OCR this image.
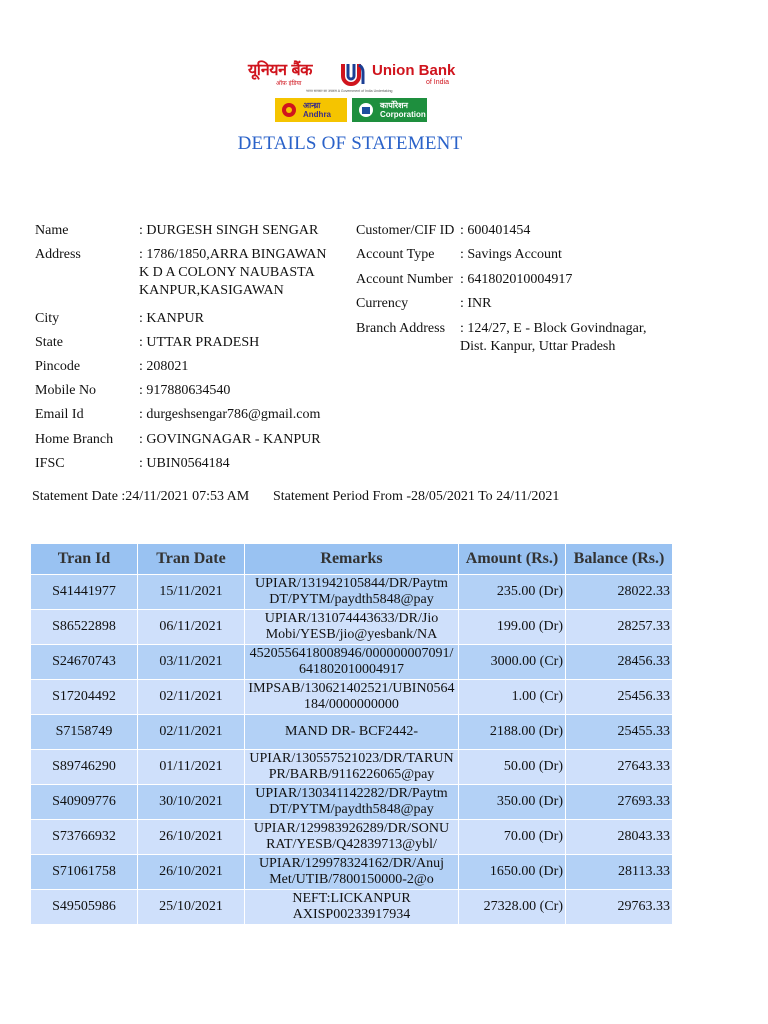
यूनियन बैंक
ऑफ़ इंडिया
Union Bank
of India
भारत सरकार का उपक्रम A Government of India Undertaking
आन्ध्रा Andhra
कार्पोरेशन Corporation
DETAILS OF STATEMENT
Name	: DURGESH SINGH SENGAR
Address	: 1786/1850,ARRA BINGAWAN
K D A COLONY NAUBASTA
KANPUR,KASIGAWAN
City	: KANPUR
State	: UTTAR PRADESH
Pincode	: 208021
Mobile No	: 917880634540
Email Id	: durgeshsengar786@gmail.com
Home Branch : GOVINGNAGAR - KANPUR
IFSC	: UBIN0564184
Customer/CIF ID : 600401454
Account Type : Savings Account
Account Number : 641802010004917
Currency	: INR
Branch Address : 124/27, E - Block Govindnagar,
Dist. Kanpur, Uttar Pradesh
Statement Date :24/11/2021 07:53 AM Statement Period From -28/05/2021 To 24/11/2021
Tran Id	Tran Date	Remarks	Amount (Rs.)	Balance (Rs.)
S41441977	15/11/2021	UPIAR/131942105844/DR/Paytm
DT/PYTM/paydth5848@pay	235.00 (Dr)	28022.33
S86522898	06/11/2021	UPIAR/131074443633/DR/Jio
Mobi/YESB/jio@yesbank/NA	199.00 (Dr)	28257.33
S24670743	03/11/2021	4520556418008946/000000007091/
641802010004917	3000.00 (Cr)	28456.33
S17204492	02/11/2021	IMPSAB/130621402521/UBIN0564
184/0000000000	1.00 (Cr)	25456.33
S7158749	02/11/2021	MAND DR- BCF2442-	2188.00 (Dr)	25455.33
S89746290	01/11/2021	UPIAR/130557521023/DR/TARUN
PR/BARB/9116226065@pay	50.00 (Dr)	27643.33
S40909776	30/10/2021	UPIAR/130341142282/DR/Paytm
DT/PYTM/paydth5848@pay	350.00 (Dr)	27693.33
S73766932	26/10/2021	UPIAR/129983926289/DR/SONU
RAT/YESB/Q42839713@ybl/	70.00 (Dr)	28043.33
S71061758	26/10/2021	UPIAR/129978324162/DR/Anuj
Met/UTIB/7800150000-2@o	1650.00 (Dr)	28113.33
S49505986	25/10/2021	NEFT:LICKANPUR
AXISP00233917934	27328.00 (Cr)	29763.33
